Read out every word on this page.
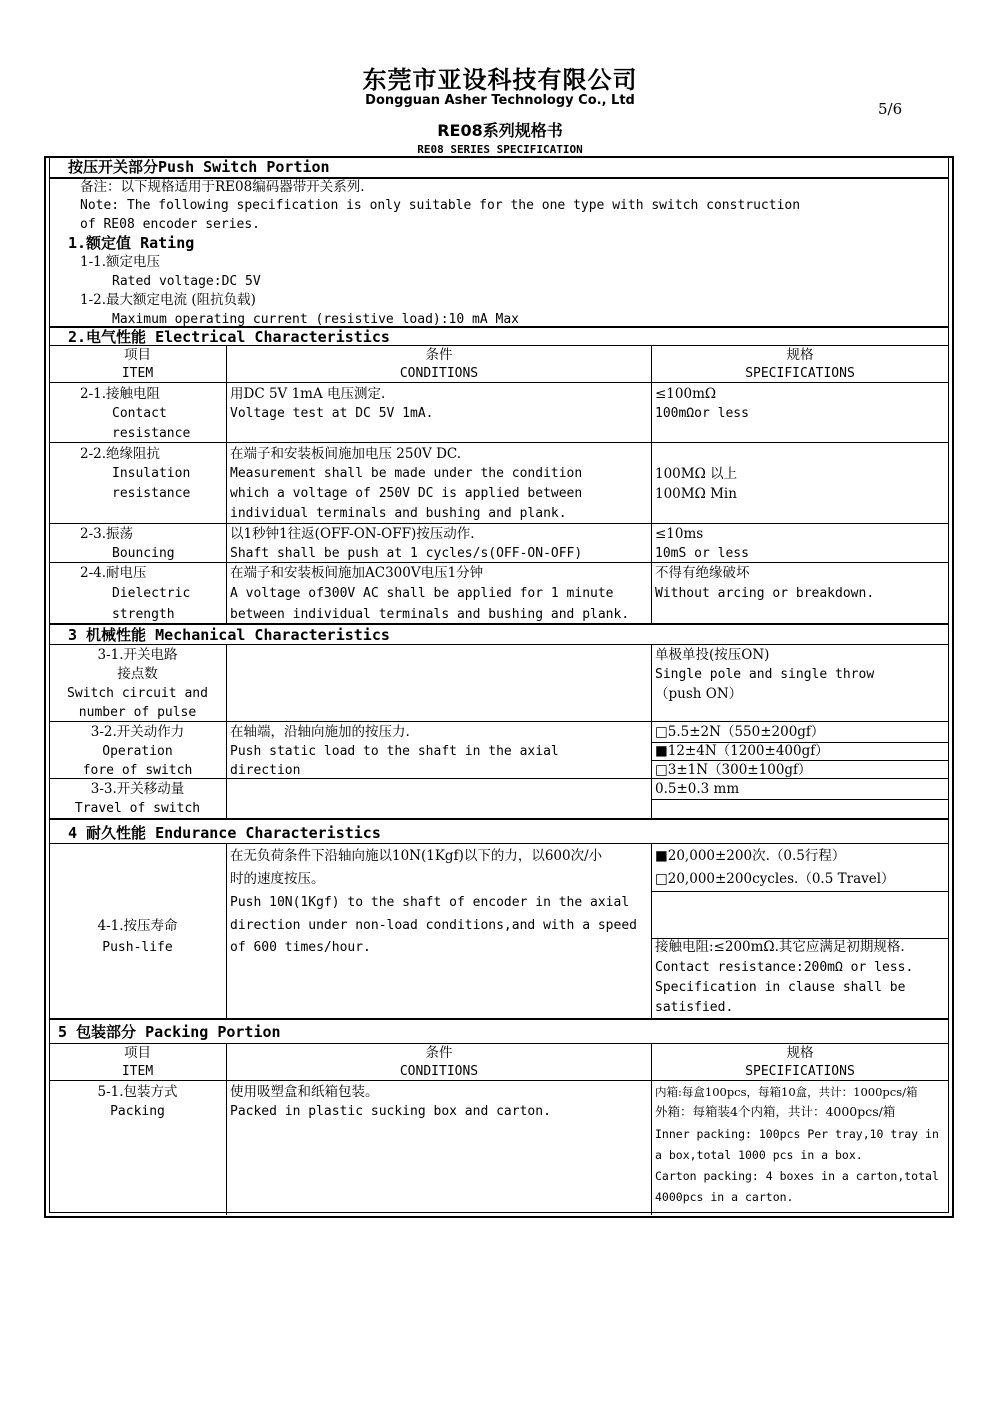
东莞市亚设科技有限公司
Dongguan Asher Technology Co., Ltd	5/6
RE08系列规格书
RE08 SERIES SPECIFICATION
按压开关部分Push Switch Portion
备注：以下规格适用于RE08编码器带开关系列.
Note: The following specification is only suitable for the one type with switch construction
of RE08 encoder series.
1.额定值 Rating
1-1.额定电压
Rated voltage:DC 5V
1-2.最大额定电流 (阻抗负载)
Maximum operating current (resistive load):10 mA Max
2.电气性能 Electrical Characteristics
项目
ITEM
条件
CONDITIONS
规格
SPECIFICATIONS
2-1.接触电阻
Contact
resistance
用DC 5V 1mA 电压测定.
Voltage test at DC 5V 1mA.
≤100mΩ
100mΩor less
2-2.绝缘阻抗
Insulation
resistance
在端子和安装板间施加电压 250V DC.
Measurement shall be made under the condition
which a voltage of 250V DC is applied between
individual terminals and bushing and plank.
100MΩ 以上
100MΩ Min
2-3.振荡
Bouncing
以1秒钟1往返(OFF-ON-OFF)按压动作.
Shaft shall be push at 1 cycles/s(OFF-ON-OFF)
≤10ms
10mS or less
2-4.耐电压
Dielectric
strength
在端子和安装板间施加AC300V电压1分钟
A voltage of300V AC shall be applied for 1 minute
between individual terminals and bushing and plank.
不得有绝缘破坏
Without arcing or breakdown.
3 机械性能 Mechanical Characteristics
3-1.开关电路
接点数
Switch circuit and
number of pulse
单极单投(按压ON)
Single pole and single throw
（push ON）
3-2.开关动作力
Operation
fore of switch
在轴端，沿轴向施加的按压力.
Push static load to the shaft in the axial
direction
□5.5±2N（550±200gf）
■12±4N（1200±400gf）
□3±1N（300±100gf）
3-3.开关移动量
Travel of switch
0.5±0.3 mm
4 耐久性能 Endurance Characteristics
4-1.按压寿命
Push-life
在无负荷条件下沿轴向施以10N(1Kgf)以下的力，以600次/小
时的速度按压。
Push 10N(1Kgf) to the shaft of encoder in the axial
direction under non-load conditions,and with a speed
of 600 times/hour.
■20,000±200次.（0.5行程）
□20,000±200cycles.（0.5 Travel）
接触电阻:≤200mΩ.其它应满足初期规格.
Contact resistance:200mΩ or less.
Specification in clause shall be
satisfied.
5 包装部分 Packing Portion
项目
ITEM
条件
CONDITIONS
规格
SPECIFICATIONS
5-1.包装方式
Packing
使用吸塑盒和纸箱包装。
Packed in plastic sucking box and carton.
内箱:每盒100pcs，每箱10盒，共计：1000pcs/箱
外箱：每箱装4个内箱，共计：4000pcs/箱
Inner packing: 100pcs Per tray,10 tray in
a box,total 1000 pcs in a box.
Carton packing: 4 boxes in a carton,total
4000pcs in a carton.
